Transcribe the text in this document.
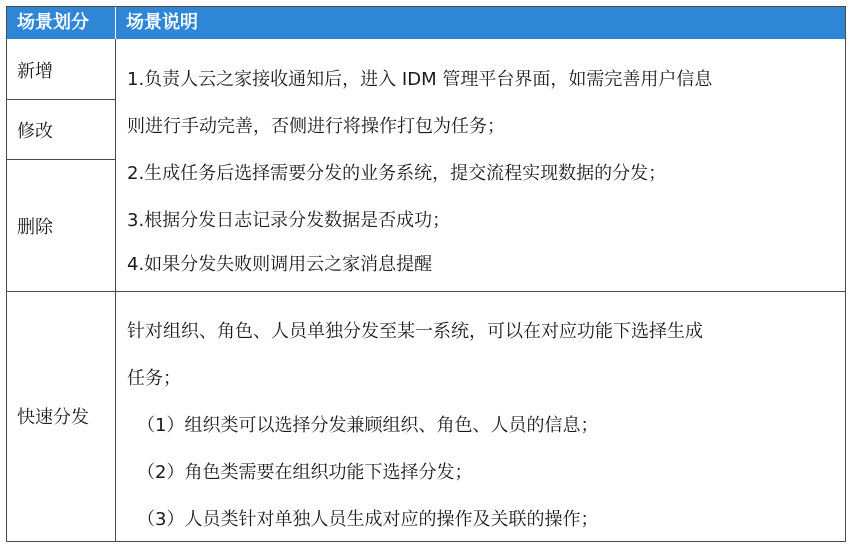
场景划分	场景说明
新增
修改
删除
1.负责人云之家接收通知后，进入 IDM 管理平台界面，如需完善用户信息
则进行手动完善，否侧进行将操作打包为任务；
2.生成任务后选择需要分发的业务系统，提交流程实现数据的分发；
3.根据分发日志记录分发数据是否成功；
4.如果分发失败则调用云之家消息提醒
快速分发
针对组织、角色、人员单独分发至某一系统，可以在对应功能下选择生成
任务；
（1）组织类可以选择分发兼顾组织、角色、人员的信息；
（2）角色类需要在组织功能下选择分发；
（3）人员类针对单独人员生成对应的操作及关联的操作；
